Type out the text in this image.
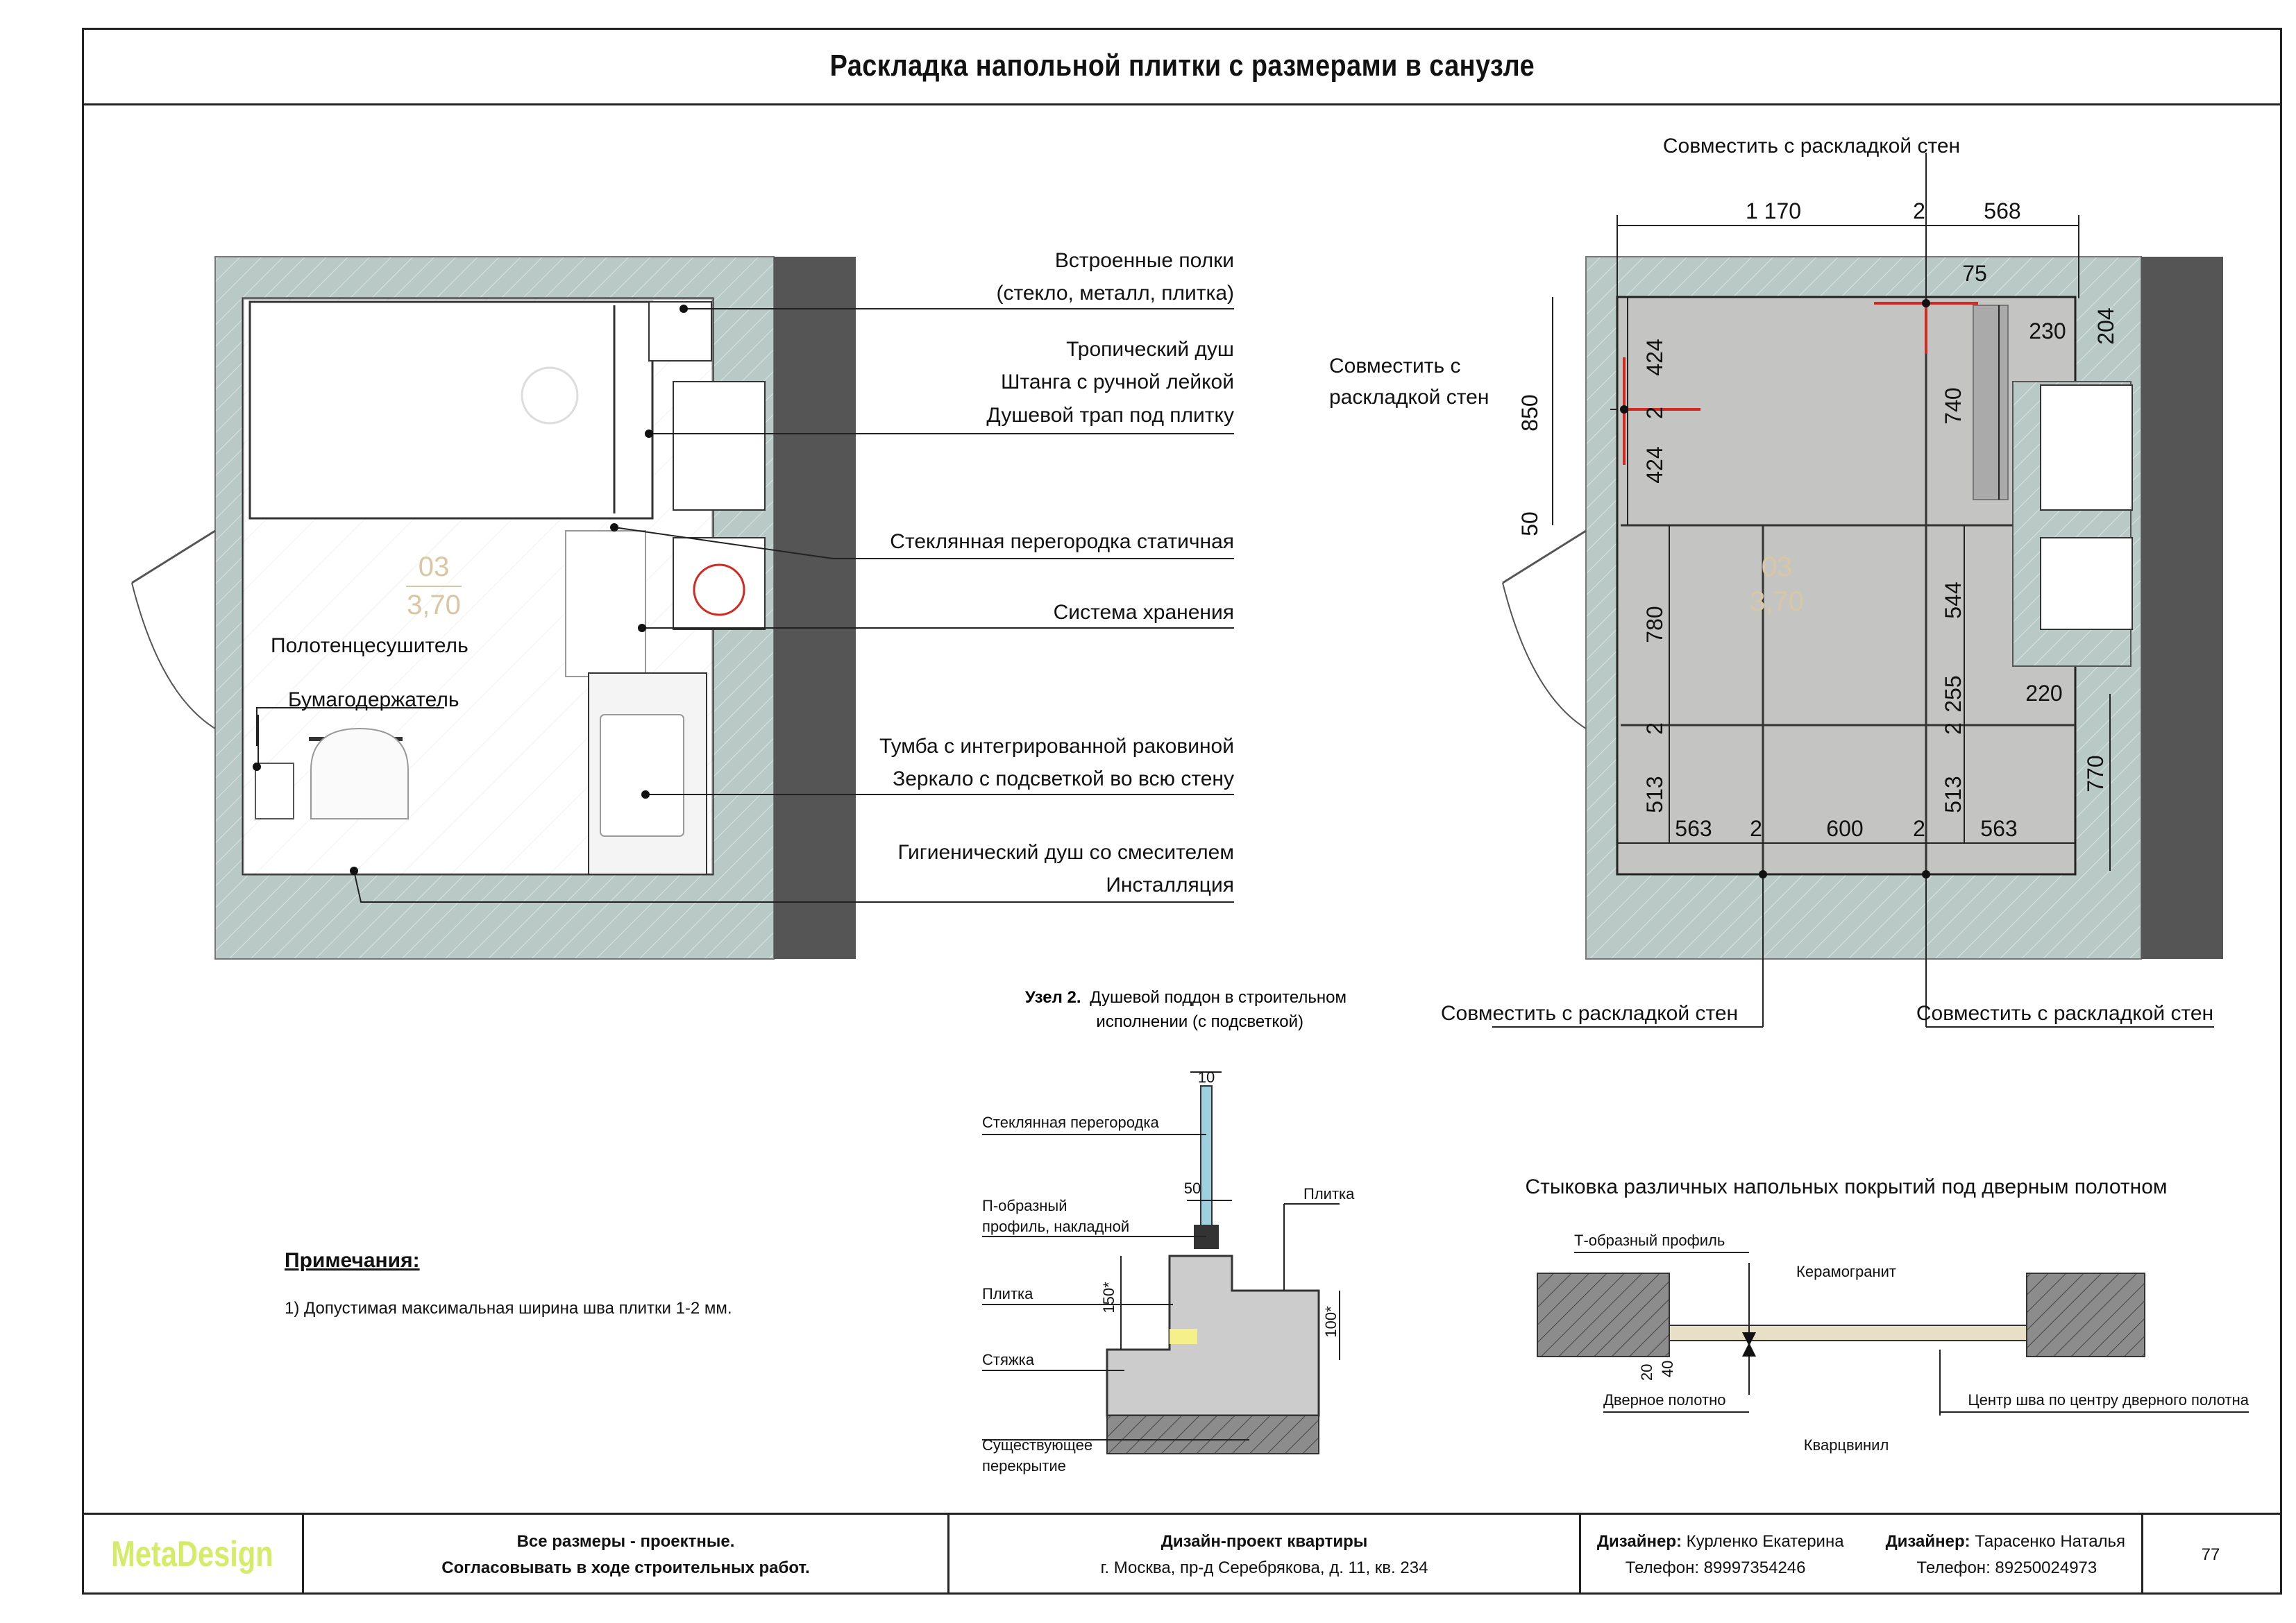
Раскладка напольной плитки с размерами в санузле
03
3,70
Встроенные полки
(стекло, металл, плитка)
Тропический душ
Штанга с ручной лейкой
Душевой трап под плитку
Стеклянная перегородка статичная
Система хранения
Полотенцесушитель
Бумагодержатель
Тумба с интегрированной раковиной
Зеркало с подсветкой во всю стену
Гигиенический душ со смесителем
Инсталляция
03
3,70
Совместить с раскладкой стен
Совместить с
раскладкой стен
Совместить с раскладкой стен	Совместить с раскладкой стен
1 170	2	568
75
230 204
424
2
424
850
50
740
780
544
255	220
2	2
513	513
770
563 2	600 2 563
Узел 2. Душевой поддон в строительном
исполнении (с подсветкой)
10
50
150*
100*
Стеклянная перегородка
П-образный
профиль, накладной
Плитка
Плитка
Стяжка
Существующее
перекрытие
Стыковка различных напольных покрытий под дверным полотном
20 40
Т-образный профиль
Керамогранит
Дверное полотно	Центр шва по центру дверного полотна
Кварцвинил
Примечания:
1) Допустимая максимальная ширина шва плитки 1-2 мм.
MetaDesign	Все размеры - проектные.
Согласовывать в ходе строительных работ.
Дизайн-проект квартиры
г. Москва, пр-д Серебрякова, д. 11, кв. 234
Дизайнер: Курленко Екатерина	Дизайнер: Тарасенко Наталья
Телефон: 89997354246	Телефон: 89250024973
77
